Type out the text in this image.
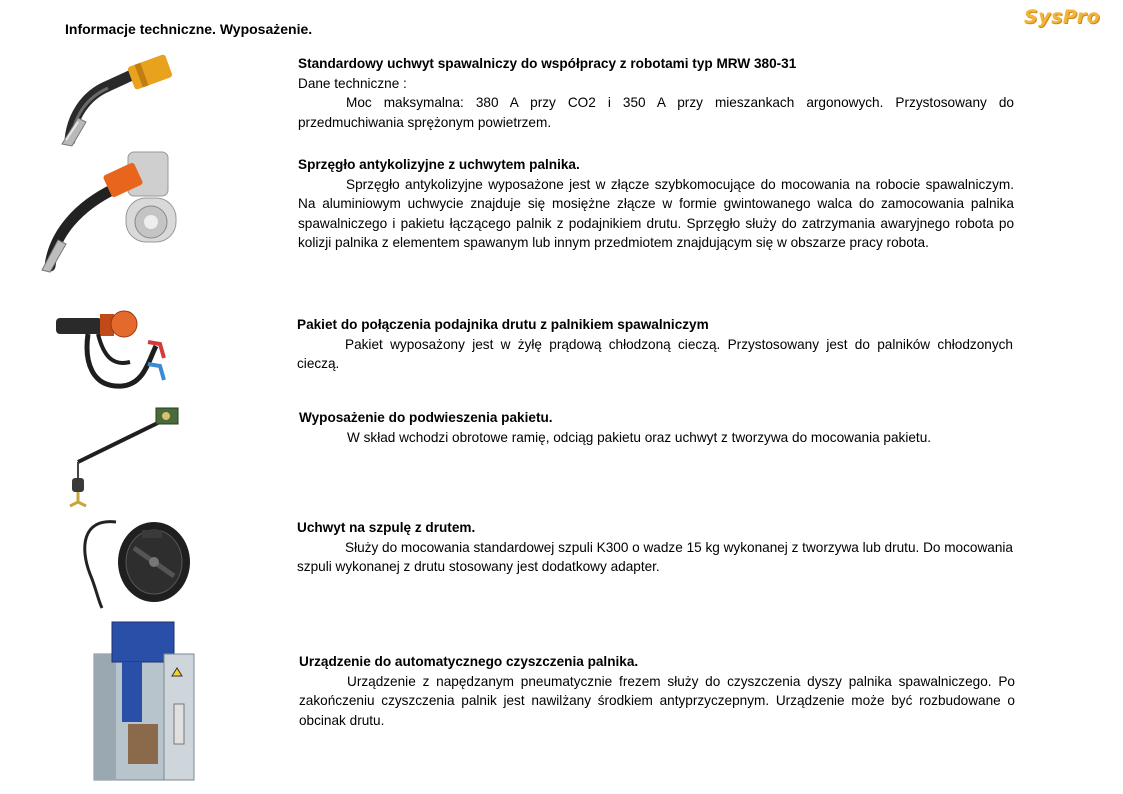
Informacje techniczne. Wyposażenie.
SysPro
Standardowy uchwyt spawalniczy do współpracy z robotami typ MRW 380-31
Dane techniczne :
Moc maksymalna: 380 A przy CO2 i 350 A przy mieszankach argonowych. Przystosowany do przedmuchiwania sprężonym powietrzem.
Sprzęgło antykolizyjne z uchwytem palnika.
Sprzęgło antykolizyjne wyposażone jest w złącze szybkomocujące do mocowania na robocie spawalniczym. Na aluminiowym uchwycie znajduje się mosiężne złącze w formie gwintowanego walca do zamocowania palnika spawalniczego i pakietu łączącego palnik z podajnikiem drutu. Sprzęgło służy do zatrzymania awaryjnego robota po kolizji palnika z elementem spawanym lub innym przedmiotem znajdującym się w obszarze pracy robota.
Pakiet do połączenia podajnika drutu z palnikiem spawalniczym
Pakiet wyposażony jest w żyłę prądową chłodzoną cieczą. Przystosowany jest do palników chłodzonych cieczą.
Wyposażenie do podwieszenia pakietu.
W skład wchodzi obrotowe ramię, odciąg pakietu oraz uchwyt z tworzywa do mocowania pakietu.
Uchwyt na szpulę z drutem.
Służy do mocowania standardowej szpuli K300 o wadze 15 kg wykonanej z tworzywa lub drutu. Do mocowania szpuli wykonanej z drutu stosowany jest dodatkowy adapter.
Urządzenie do automatycznego czyszczenia palnika.
Urządzenie z napędzanym pneumatycznie frezem służy do czyszczenia dyszy palnika spawalniczego. Po zakończeniu czyszczenia palnik jest nawilżany środkiem antyprzyczepnym. Urządzenie może być rozbudowane o obcinak drutu.
